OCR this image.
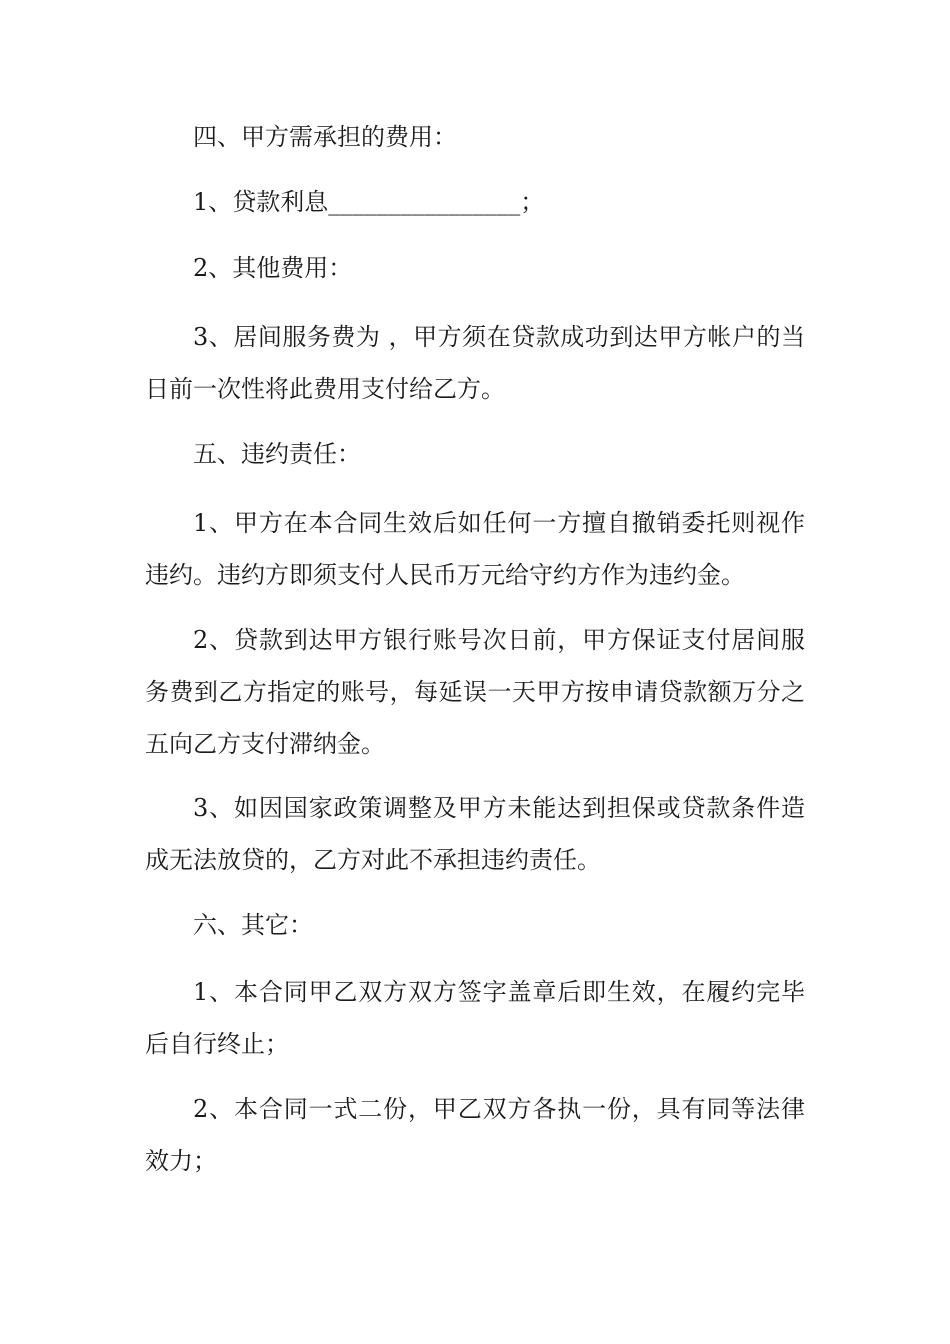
四、甲方需承担的费用：

1、贷款利息________________；

2、其他费用：

3、居间服务费为 ，甲方须在贷款成功到达甲方帐户的当日前一次性将此费用支付给乙方。

五、违约责任：

1、甲方在本合同生效后如任何一方擅自撤销委托则视作违约。违约方即须支付人民币万元给守约方作为违约金。

2、贷款到达甲方银行账号次日前，甲方保证支付居间服务费到乙方指定的账号，每延误一天甲方按申请贷款额万分之五向乙方支付滞纳金。

3、如因国家政策调整及甲方未能达到担保或贷款条件造成无法放贷的，乙方对此不承担违约责任。

六、其它：

1、本合同甲乙双方双方签字盖章后即生效，在履约完毕后自行终止；

2、本合同一式二份，甲乙双方各执一份，具有同等法律效力；
